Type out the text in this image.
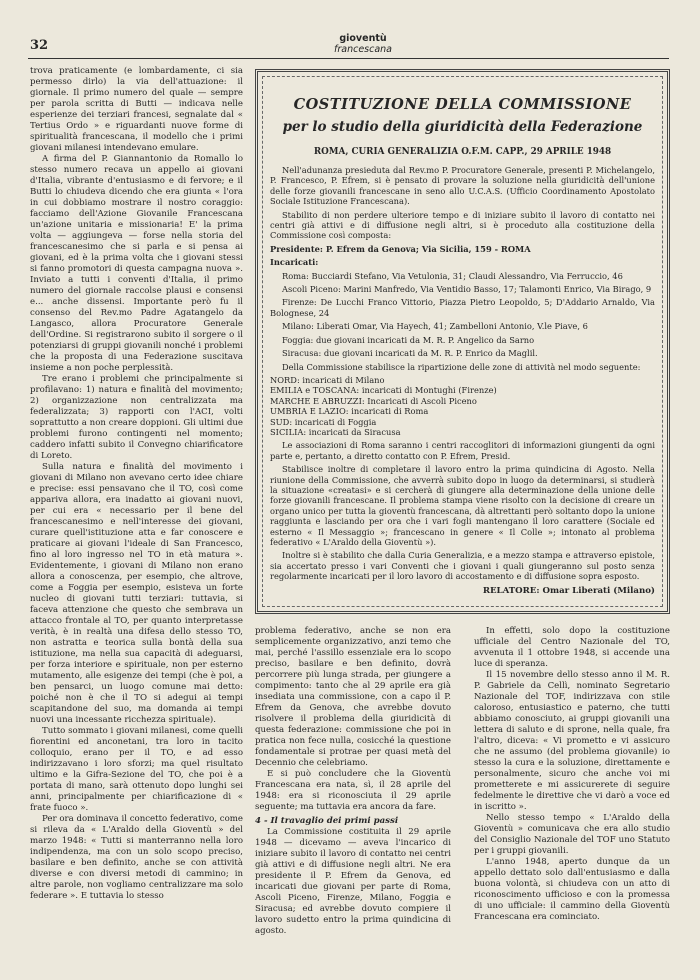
32	gioventù
francescana

trova praticamente (e lombardamente, ci sia permesso dirlo) la via dell'attuazione: il giornale. Il primo numero del quale — sempre per parola scritta di Butti — indicava nelle esperienze dei terziari francesi, segnalate dal « Tertius Ordo » e riguardanti nuove forme di spiritualità francescana, il modello che i primi giovani milanesi intendevano emulare.

A firma del P. Giannantonio da Romallo lo stesso numero recava un appello ai giovani d'Italia, vibrante d'entusiasmo e di fervore; e il Butti lo chiudeva dicendo che era giunta « l'ora in cui dobbiamo mostrare il nostro coraggio: facciamo dell'Azione Giovanile Francescana un'azione unitaria e missionaria! E' la prima volta — aggiungeva — forse nella storia del francescanesimo che si parla e si pensa ai giovani, ed è la prima volta che i giovani stessi si fanno promotori di questa campagna nuova ». Inviato a tutti i conventi d'Italia, il primo numero del giornale raccolse plausi e consensi e... anche dissensi. Importante però fu il consenso del Rev.mo Padre Agatangelo da Langasco, allora Procuratore Generale dell'Ordine. Si registrarono subito il sorgere o il potenziarsi di gruppi giovanili nonché i problemi che la proposta di una Federazione suscitava insieme a non poche perplessità.

Tre erano i problemi che principalmente si profilavano: 1) natura e finalità del movimento; 2) organizzazione non centralizzata ma federalizzata; 3) rapporti con l'ACI, volti soprattutto a non creare doppioni. Gli ultimi due problemi furono contingenti nel momento; caddero infatti subito il Convegno chiarificatore di Loreto.

Sulla natura e finalità del movimento i giovani di Milano non avevano certo idee chiare e precise: essi pensavano che il TO, così come appariva allora, era inadatto ai giovani nuovi, per cui era « necessario per il bene del francescanesimo e nell'interesse dei giovani, curare quell'istituzione atta e far conoscere e praticare ai giovani l'ideale di San Francesco, fino al loro ingresso nel TO in età matura ». Evidentemente, i giovani di Milano non erano allora a conoscenza, per esempio, che altrove, come a Foggia per esempio, esisteva un forte nucleo di giovani tutti terziari: tuttavia, si faceva attenzione che questo che sembrava un attacco frontale al TO, per quanto interpretasse verità, è in realtà una difesa dello stesso TO, non astratta e teorica sulla bontà della sua istituzione, ma nella sua capacità di adeguarsi, per forza interiore e spirituale, non per esterno mutamento, alle esigenze dei tempi (che è poi, a ben pensarci, un luogo comune mai detto: poiché non è che il TO si adegui ai tempi scapitandone del suo, ma domanda ai tempi nuovi una incessante ricchezza spirituale).

Tutto sommato i giovani milanesi, come quelli fiorentini ed anconetani, tra loro in tacito colloquio, erano per il TO, e ad esso indirizzavano i loro sforzi; ma quel risultato ultimo e la Gifra-Sezione del TO, che poi è a portata di mano, sarà ottenuto dopo lunghi sei anni, principalmente per chiarificazione di « frate fuoco ».

Per ora dominava il concetto federativo, come si rileva da « L'Araldo della Gioventù » del marzo 1948: « Tutti si manterranno nella loro indipendenza, ma con un solo scopo preciso, basilare e ben definito, anche se con attività diverse e con diversi metodi di cammino; in altre parole, non vogliamo centralizzare ma solo federare ». E tuttavia lo stesso

COSTITUZIONE DELLA COMMISSIONE
per lo studio della giuridicità della Federazione
ROMA, CURIA GENERALIZIA O.F.M. CAPP., 29 APRILE 1948

Nell'adunanza presieduta dal Rev.mo P. Procuratore Generale, presenti P. Michelangelo, P. Francesco, P. Efrem, si è pensato di provare la soluzione nella giuridicità dell'unione delle forze giovanili francescane in seno allo U.C.A.S. (Ufficio Coordinamento Apostolato Sociale Istituzione Francescana).

Stabilito di non perdere ulteriore tempo e di iniziare subito il lavoro di contatto nei centri già attivi e di diffusione negli altri, si è proceduto alla costituzione della Commissione così composta:

Presidente: P. Efrem da Genova; Via Sicilia, 159 - ROMA

Incaricati:

Roma: Bucciardi Stefano, Via Vetulonia, 31; Claudi Alessandro, Via Ferruccio, 46

Ascoli Piceno: Marini Manfredo, Via Ventidio Basso, 17; Talamonti Enrico, Via Birago, 9

Firenze: De Lucchi Franco Vittorio, Piazza Pietro Leopoldo, 5; D'Addario Arnaldo, Via Bolognese, 24

Milano: Liberati Omar, Via Hayech, 41; Zambelloni Antonio, V.le Piave, 6

Foggia: due giovani incaricati da M. R. P. Angelico da Sarno

Siracusa: due giovani incaricati da M. R. P. Enrico da Maglil.

Della Commissione stabilisce la ripartizione delle zone di attività nel modo seguente:

NORD: incaricati di Milano

EMILIA e TOSCANA: incaricati di Montughi (Firenze)

MARCHE E ABRUZZI: Incaricati di Ascoli Piceno

UMBRIA E LAZIO: incaricati di Roma

SUD: incaricati di Foggia

SICILIA: incaricati da Siracusa

Le associazioni di Roma saranno i centri raccoglitori di informazioni giungenti da ogni parte e, pertanto, a diretto contatto con P. Efrem, Presid.

Stabilisce inoltre di completare il lavoro entro la prima quindicina di Agosto. Nella riunione della Commissione, che avverrà subito dopo in luogo da determinarsi, si studierà la situazione «creatasi» e si cercherà di giungere alla determinazione della unione delle forze giovanili francescane. Il problema stampa viene risolto con la decisione di creare un organo unico per tutta la gioventù francescana, dà altrettanti però soltanto dopo la unione raggiunta e lasciando per ora che i vari fogli mantengano il loro carattere (Sociale ed esterno « Il Messaggio »; francescano in genere « Il Colle »; intonato al problema federativo « L'Araldo della Gioventù »).

Inoltre si è stabilito che dalla Curia Generalizia, e a mezzo stampa e attraverso epistole, sia accertato presso i vari Conventi che i giovani i quali giungeranno sul posto senza regolarmente incaricati per il loro lavoro di accostamento e di diffusione sopra esposto.

RELATORE: Omar Liberati (Milano)

problema federativo, anche se non era semplicemente organizzativo, anzi temo che mai, perché l'assillo essenziale era lo scopo preciso, basilare e ben definito, dovrà percorrere più lunga strada, per giungere a compimento: tanto che al 29 aprile era già insediata una commissione, con a capo il P. Efrem da Genova, che avrebbe dovuto risolvere il problema della giuridicità di questa federazione: commissione che poi in pratica non fece nulla, cosicché la questione fondamentale si protrae per quasi metà del Decennio che celebriamo.

E si può concludere che la Gioventù Francescana era nata, sì, il 28 aprile del 1948: era si riconosciuta il 29 aprile seguente; ma tuttavia era ancora da fare.

4 - Il travaglio dei primi passi

La Commissione costituita il 29 aprile 1948 — dicevamo — aveva l'incarico di iniziare subito il lavoro di contatto nei centri già attivi e di diffusione negli altri. Ne era presidente il P. Efrem da Genova, ed incaricati due giovani per parte di Roma, Ascoli Piceno, Firenze, Milano, Foggia e Siracusa; ed avrebbe dovuto compiere il lavoro sudetto entro la prima quindicina di agosto.

In effetti, solo dopo la costituzione ufficiale del Centro Nazionale del TO, avvenuta il 1 ottobre 1948, si accende una luce di speranza.

Il 15 novembre dello stesso anno il M. R. P. Gabriele da Cellì, nominato Segretario Nazionale del TOF, indirizzava con stile caloroso, entusiastico e paterno, che tutti abbiamo conosciuto, ai gruppi giovanili una lettera di saluto e di sprone, nella quale, fra l'altro, diceva: « Vi prometto e vi assicuro che ne assumo (del problema giovanile) io stesso la cura e la soluzione, direttamente e personalmente, sicuro che anche voi mi prometterete e mi assicurerete di seguire fedelmente le direttive che vi darò a voce ed in iscritto ».

Nello stesso tempo « L'Araldo della Gioventù » comunicava che era allo studio del Consiglio Nazionale del TOF uno Statuto per i gruppi giovanili.

L'anno 1948, aperto dunque da un appello dettato solo dall'entusiasmo e dalla buona volontà, si chiudeva con un atto di riconoscimento ufficioso e con la promessa di uno ufficiale: il cammino della Gioventù Francescana era cominciato.
